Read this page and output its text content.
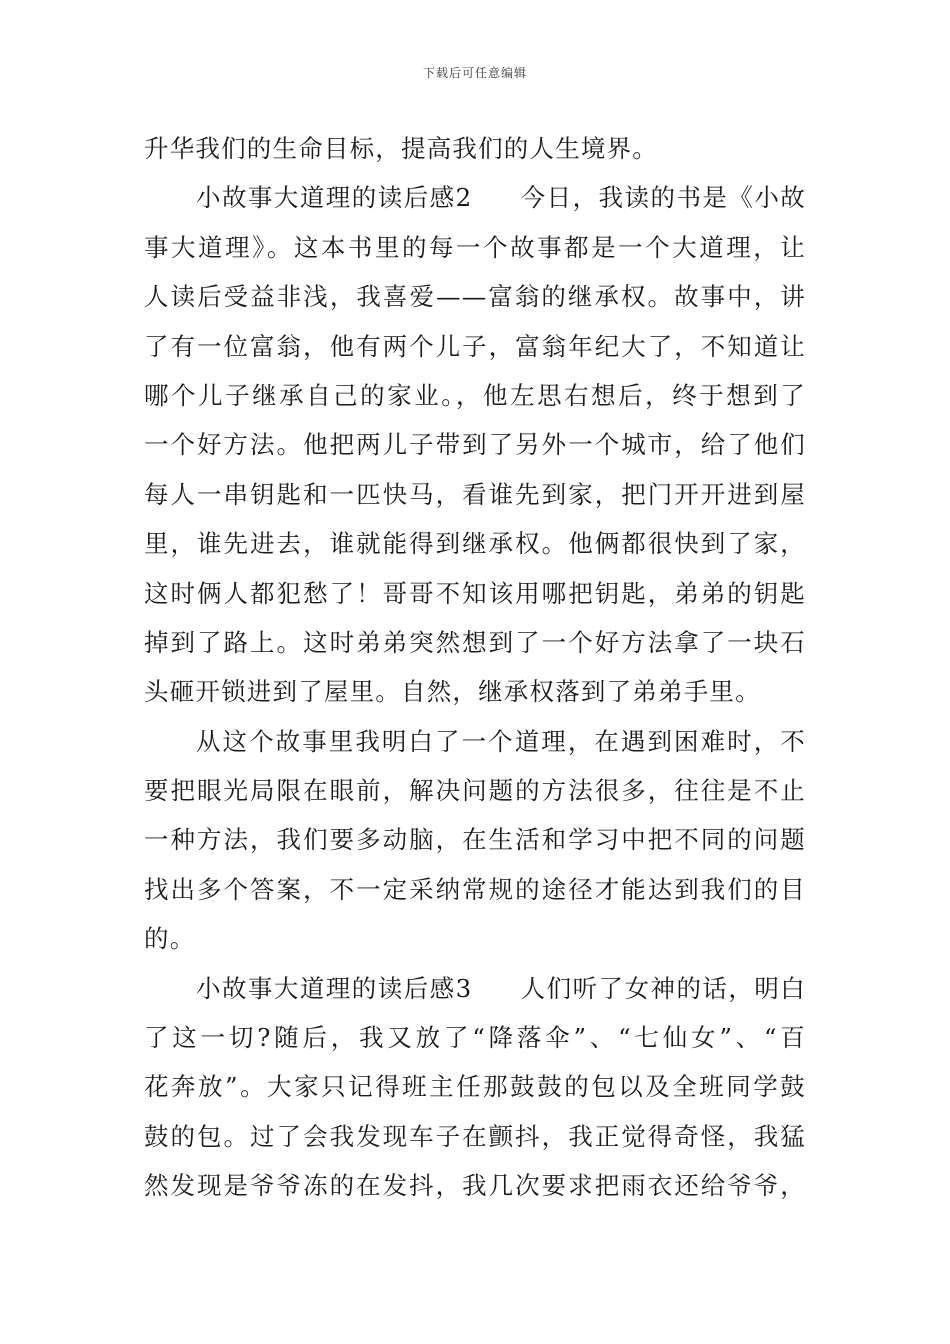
下载后可任意编辑
升华我们的生命目标，提高我们的人生境界。
小故事大道理的读后感2 今日，我读的书是《小故
事大道理》。这本书里的每一个故事都是一个大道理，让
人读后受益非浅，我喜爱——富翁的继承权。故事中，讲
了有一位富翁，他有两个儿子，富翁年纪大了，不知道让
哪个儿子继承自己的家业。，他左思右想后，终于想到了
一个好方法。他把两儿子带到了另外一个城市，给了他们
每人一串钥匙和一匹快马，看谁先到家，把门开开进到屋
里，谁先进去，谁就能得到继承权。他俩都很快到了家，
这时俩人都犯愁了！哥哥不知该用哪把钥匙，弟弟的钥匙
掉到了路上。这时弟弟突然想到了一个好方法拿了一块石
头砸开锁进到了屋里。自然，继承权落到了弟弟手里。
从这个故事里我明白了一个道理，在遇到困难时，不
要把眼光局限在眼前，解决问题的方法很多，往往是不止
一种方法，我们要多动脑，在生活和学习中把不同的问题
找出多个答案，不一定采纳常规的途径才能达到我们的目
的。
小故事大道理的读后感3 人们听了女神的话，明白
了这一切?随后，我又放了“降落伞”、“七仙女”、“百
花奔放”。大家只记得班主任那鼓鼓的包以及全班同学鼓
鼓的包。过了会我发现车子在颤抖，我正觉得奇怪，我猛
然发现是爷爷冻的在发抖，我几次要求把雨衣还给爷爷，
